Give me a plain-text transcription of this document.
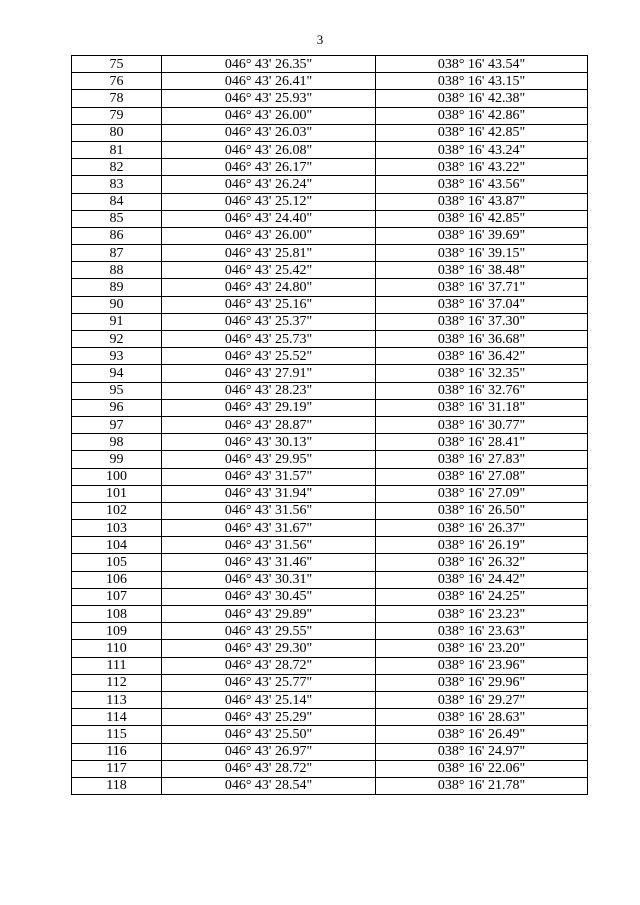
3
75	046° 43' 26.35"	038° 16' 43.54"
76	046° 43' 26.41"	038° 16' 43.15"
78	046° 43' 25.93"	038° 16' 42.38"
79	046° 43' 26.00"	038° 16' 42.86"
80	046° 43' 26.03"	038° 16' 42.85"
81	046° 43' 26.08"	038° 16' 43.24"
82	046° 43' 26.17"	038° 16' 43.22"
83	046° 43' 26.24"	038° 16' 43.56"
84	046° 43' 25.12"	038° 16' 43.87"
85	046° 43' 24.40"	038° 16' 42.85"
86	046° 43' 26.00"	038° 16' 39.69"
87	046° 43' 25.81"	038° 16' 39.15"
88	046° 43' 25.42"	038° 16' 38.48"
89	046° 43' 24.80"	038° 16' 37.71"
90	046° 43' 25.16"	038° 16' 37.04"
91	046° 43' 25.37"	038° 16' 37.30"
92	046° 43' 25.73"	038° 16' 36.68"
93	046° 43' 25.52"	038° 16' 36.42"
94	046° 43' 27.91"	038° 16' 32.35"
95	046° 43' 28.23"	038° 16' 32.76"
96	046° 43' 29.19"	038° 16' 31.18"
97	046° 43' 28.87"	038° 16' 30.77"
98	046° 43' 30.13"	038° 16' 28.41"
99	046° 43' 29.95"	038° 16' 27.83"
100	046° 43' 31.57"	038° 16' 27.08"
101	046° 43' 31.94"	038° 16' 27.09"
102	046° 43' 31.56"	038° 16' 26.50"
103	046° 43' 31.67"	038° 16' 26.37"
104	046° 43' 31.56"	038° 16' 26.19"
105	046° 43' 31.46"	038° 16' 26.32"
106	046° 43' 30.31"	038° 16' 24.42"
107	046° 43' 30.45"	038° 16' 24.25"
108	046° 43' 29.89"	038° 16' 23.23"
109	046° 43' 29.55"	038° 16' 23.63"
110	046° 43' 29.30"	038° 16' 23.20"
111	046° 43' 28.72"	038° 16' 23.96"
112	046° 43' 25.77"	038° 16' 29.96"
113	046° 43' 25.14"	038° 16' 29.27"
114	046° 43' 25.29"	038° 16' 28.63"
115	046° 43' 25.50"	038° 16' 26.49"
116	046° 43' 26.97"	038° 16' 24.97"
117	046° 43' 28.72"	038° 16' 22.06"
118	046° 43' 28.54"	038° 16' 21.78"
